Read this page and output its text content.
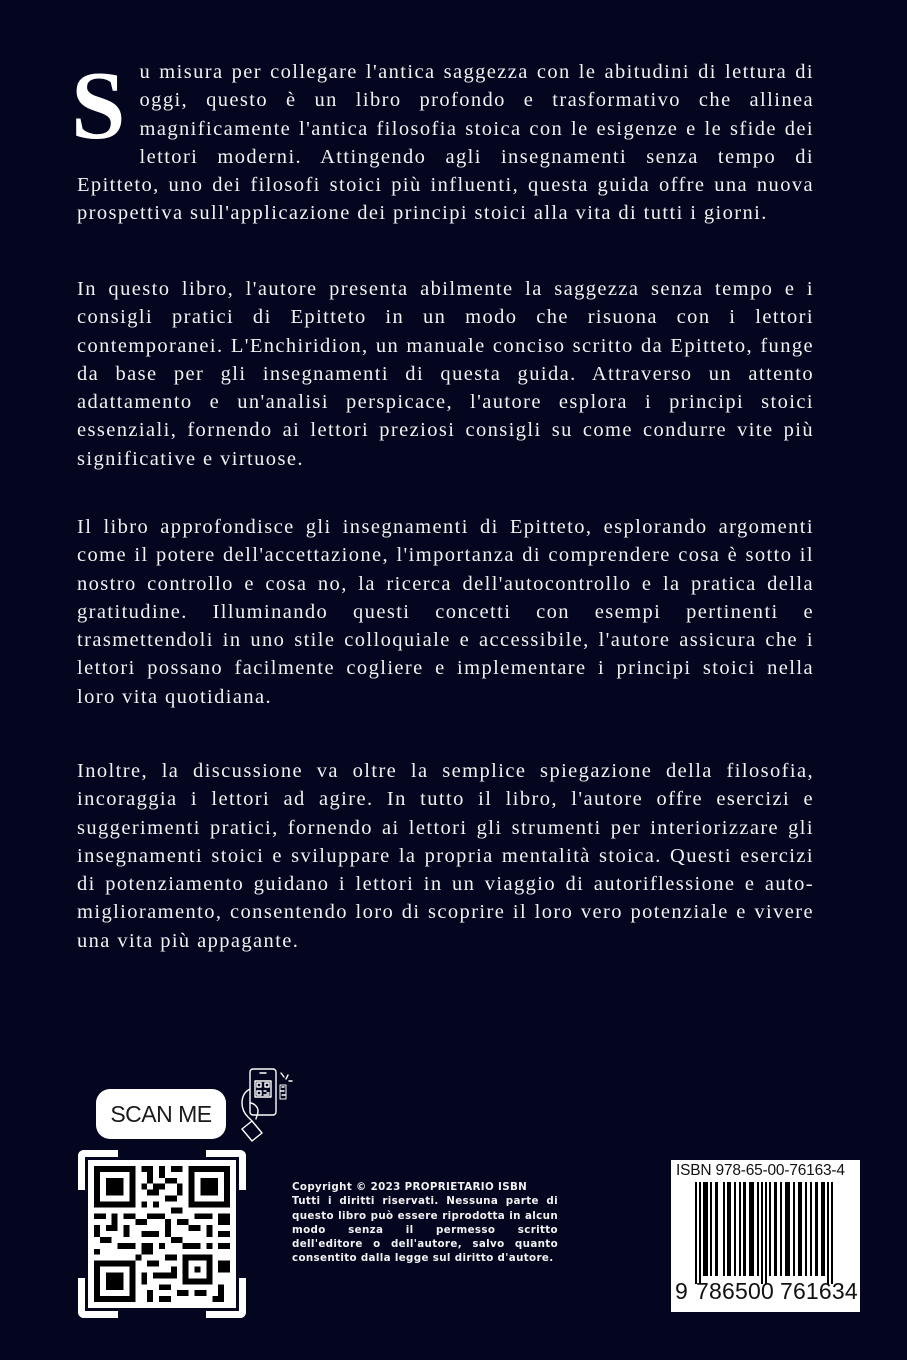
S u misura per collegare l'antica saggezza con le abitudini di lettura di oggi, questo è un libro profondo e trasformativo che allinea magnificamente l'antica filosofia stoica con le esigenze e le sfide dei lettori moderni. Attingendo agli insegnamenti senza tempo di Epitteto, uno dei filosofi stoici più influenti, questa guida offre una nuova prospettiva sull'applicazione dei principi stoici alla vita di tutti i giorni.
In questo libro, l'autore presenta abilmente la saggezza senza tempo e i consigli pratici di Epitteto in un modo che risuona con i lettori contemporanei. L'Enchiridion, un manuale conciso scritto da Epitteto, funge da base per gli insegnamenti di questa guida. Attraverso un attento adattamento e un'analisi perspicace, l'autore esplora i principi stoici essenziali, fornendo ai lettori preziosi consigli su come condurre vite più significative e virtuose.
Il libro approfondisce gli insegnamenti di Epitteto, esplorando argomenti come il potere dell'accettazione, l'importanza di comprendere cosa è sotto il nostro controllo e cosa no, la ricerca dell'autocontrollo e la pratica della gratitudine. Illuminando questi concetti con esempi pertinenti e trasmettendoli in uno stile colloquiale e accessibile, l'autore assicura che i lettori possano facilmente cogliere e implementare i principi stoici nella loro vita quotidiana.
Inoltre, la discussione va oltre la semplice spiegazione della filosofia, incoraggia i lettori ad agire. In tutto il libro, l'autore offre esercizi e suggerimenti pratici, fornendo ai lettori gli strumenti per interiorizzare gli insegnamenti stoici e sviluppare la propria mentalità stoica. Questi esercizi di potenziamento guidano i lettori in un viaggio di autoriflessione e auto-miglioramento, consentendo loro di scoprire il loro vero potenziale e vivere una vita più appagante.
SCAN ME
Copyright © 2023 PROPRIETARIO ISBN
Tutti i diritti riservati. Nessuna parte di questo libro può essere riprodotta in alcun modo senza il permesso scritto dell'editore o dell'autore, salvo quanto consentito dalla legge sul diritto d'autore.
ISBN 978-65-00-76163-4
9 786500 761634
